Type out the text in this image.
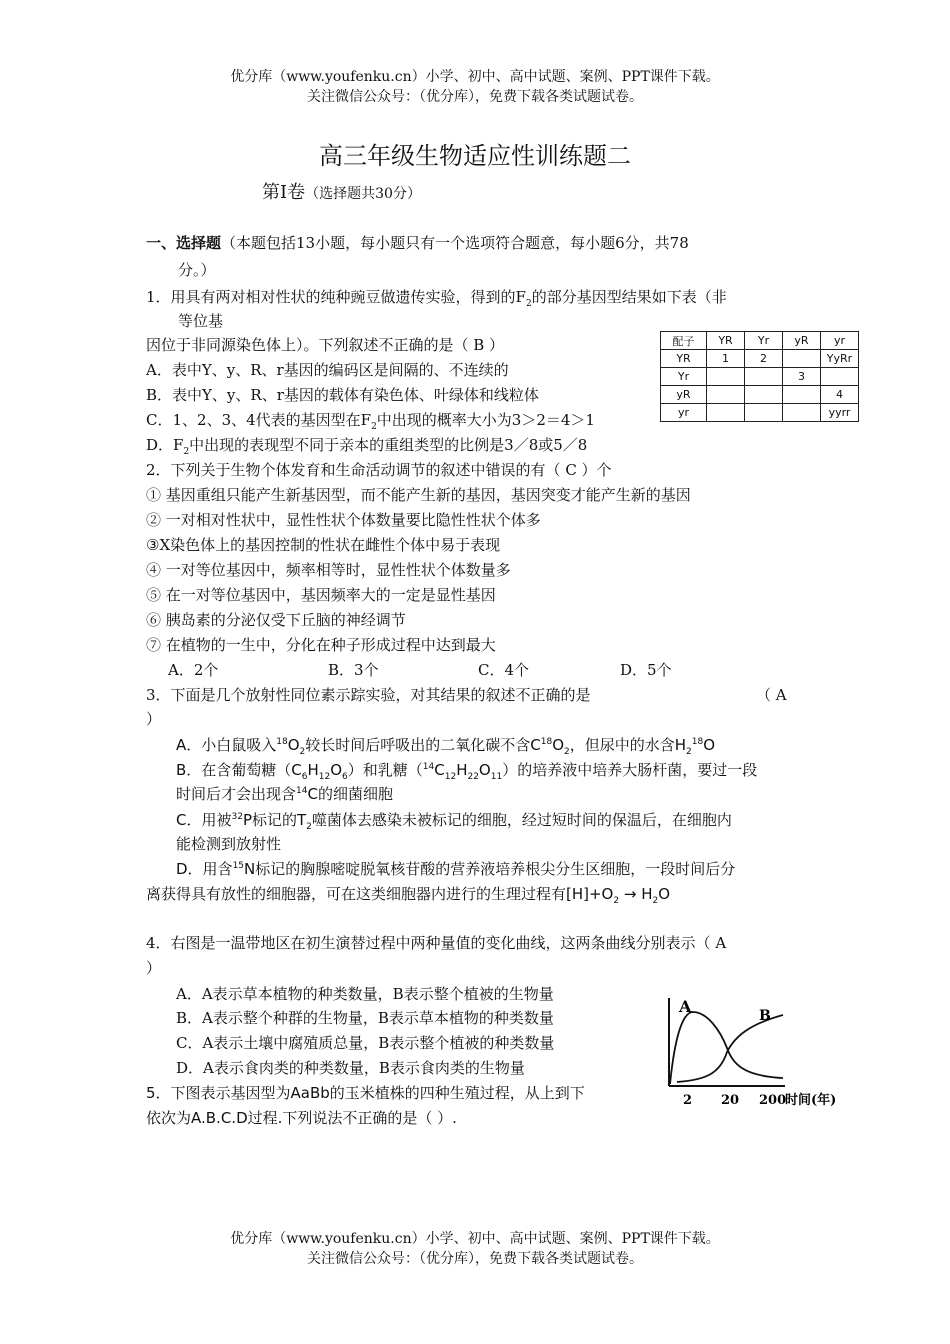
优分库（www.youfenku.cn）小学、初中、高中试题、案例、PPT课件下载。
关注微信公众号：（优分库），免费下载各类试题试卷。
高三年级生物适应性训练题二
第Ⅰ卷（选择题共30分）
一、选择题（本题包括13小题，每小题只有一个选项符合题意，每小题6分，共78
分。）
1．用具有两对相对性状的纯种豌豆做遗传实验，得到的$F_2$的部分基因型结果如下表（非
等位基
因位于非同源染色体上）。下列叙述不正确的是（ B ）
A．表中Y、y、R、r基因的编码区是间隔的、不连续的
B．表中Y、y、R、r基因的载体有染色体、叶绿体和线粒体
C．1、2、3、4代表的基因型在$F_2$中出现的概率大小为3＞2＝4＞1
D．$F_2$中出现的表现型不同于亲本的重组类型的比例是3／8或5／8
配子	YR	Yr	yR	yr
YR	1	2		YyRr
Yr			3	
yR				4
yr				yyrr
2．下列关于生物个体发育和生命活动调节的叙述中错误的有（ C ）个
① 基因重组只能产生新基因型，而不能产生新的基因，基因突变才能产生新的基因
② 一对相对性状中，显性性状个体数量要比隐性性状个体多
③X染色体上的基因控制的性状在雌性个体中易于表现
④ 一对等位基因中，频率相等时，显性性状个体数量多
⑤ 在一对等位基因中，基因频率大的一定是显性基因
⑥ 胰岛素的分泌仅受下丘脑的神经调节
⑦ 在植物的一生中，分化在种子形成过程中达到最大
A．2个	B．3个	C．4个	D．5个
3．下面是几个放射性同位素示踪实验，对其结果的叙述不正确的是	（ A
）
A．小白鼠吸入$^{18}O_2$较长时间后呼吸出的二氧化碳不含$C^{18}O_2$，但尿中的水含$H_2^{18}O$
B．在含葡萄糖$(C_6H_{12}O_6)$和乳糖$(^{14}C_{12}H_{22}O_{11})$的培养液中培养大肠杆菌，要过一段
时间后才会出现含$^{14}$C的细菌细胞
C．用被$^{32}$P标记的$T_2$噬菌体去感染未被标记的细胞，经过短时间的保温后，在细胞内
能检测到放射性
D．用含$^{15}$N标记的胸腺嘧啶脱氧核苷酸的营养液培养根尖分生区细胞，一段时间后分
离获得具有放性的细胞器，可在这类细胞器内进行的生理过程有$[H]+O_2 \to H_2O$
4．右图是一温带地区在初生演替过程中两种量值的变化曲线，这两条曲线分别表示（ A
）
A．A表示草本植物的种类数量，B表示整个植被的生物量
B．A表示整个种群的生物量，B表示草本植物的种类数量
C．A表示土壤中腐殖质总量，B表示整个植被的种类数量
D．A表示食肉类的种类数量，B表示食肉类的生物量
A	B
2 20 200
时间(年)
5．下图表示基因型为AaBb的玉米植株的四种生殖过程，从上到下
依次为A.B.C.D过程.下列说法不正确的是（ ）.
优分库（www.youfenku.cn）小学、初中、高中试题、案例、PPT课件下载。
关注微信公众号：（优分库），免费下载各类试题试卷。
